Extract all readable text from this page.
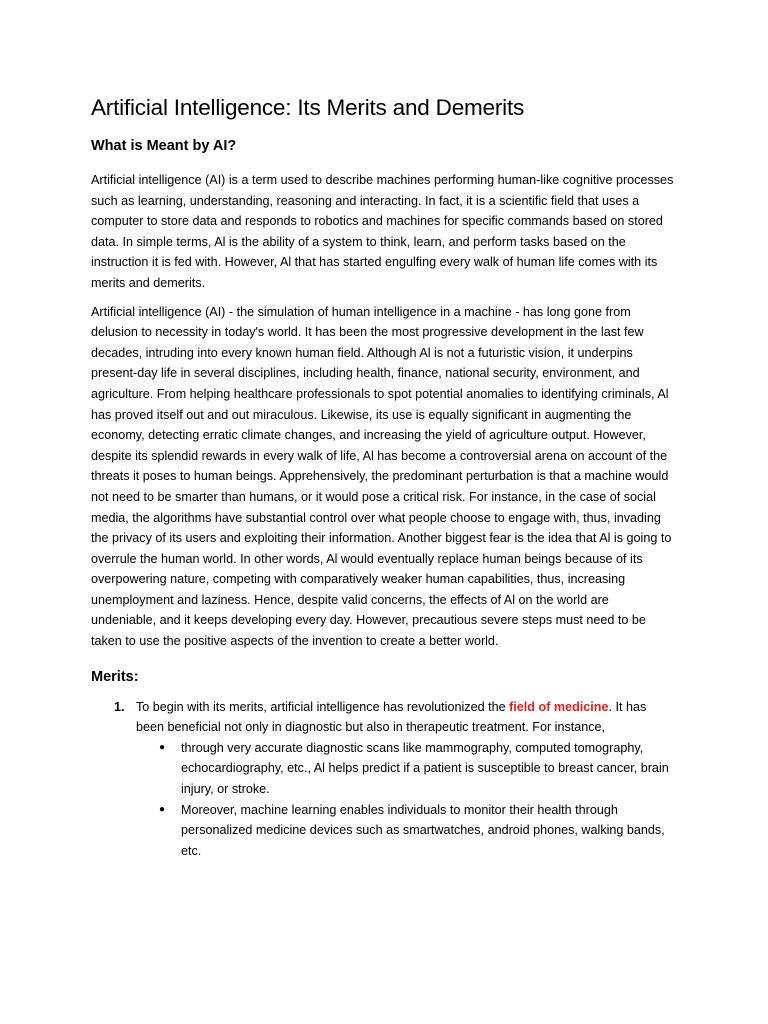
Artificial Intelligence: Its Merits and Demerits
What is Meant by AI?

Artificial intelligence (AI) is a term used to describe machines performing human-like cognitive processes such as learning, understanding, reasoning and interacting. In fact, it is a scientific field that uses a computer to store data and responds to robotics and machines for specific commands based on stored data. In simple terms, Al is the ability of a system to think, learn, and perform tasks based on the instruction it is fed with. However, Al that has started engulfing every walk of human life comes with its merits and demerits.

Artificial intelligence (AI) - the simulation of human intelligence in a machine - has long gone from delusion to necessity in today's world. It has been the most progressive development in the last few decades, intruding into every known human field. Although Al is not a futuristic vision, it underpins present-day life in several disciplines, including health, finance, national security, environment, and agriculture. From helping healthcare professionals to spot potential anomalies to identifying criminals, Al has proved itself out and out miraculous. Likewise, its use is equally significant in augmenting the economy, detecting erratic climate changes, and increasing the yield of agriculture output. However, despite its splendid rewards in every walk of life, Al has become a controversial arena on account of the threats it poses to human beings. Apprehensively, the predominant perturbation is that a machine would not need to be smarter than humans, or it would pose a critical risk. For instance, in the case of social media, the algorithms have substantial control over what people choose to engage with, thus, invading the privacy of its users and exploiting their information. Another biggest fear is the idea that Al is going to overrule the human world. In other words, Al would eventually replace human beings because of its overpowering nature, competing with comparatively weaker human capabilities, thus, increasing unemployment and laziness. Hence, despite valid concerns, the effects of Al on the world are undeniable, and it keeps developing every day. However, precautious severe steps must need to be taken to use the positive aspects of the invention to create a better world.

Merits:
1. To begin with its merits, artificial intelligence has revolutionized the field of medicine. It has been beneficial not only in diagnostic but also in therapeutic treatment. For instance,
● through very accurate diagnostic scans like mammography, computed tomography, echocardiography, etc., Al helps predict if a patient is susceptible to breast cancer, brain injury, or stroke.
● Moreover, machine learning enables individuals to monitor their health through personalized medicine devices such as smartwatches, android phones, walking bands, etc.
